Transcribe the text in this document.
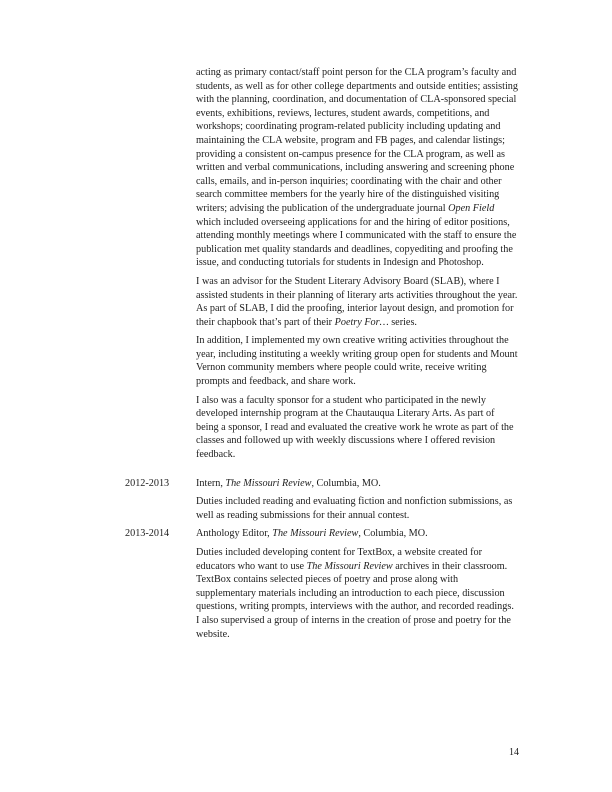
acting as primary contact/staff point person for the CLA program’s faculty and students, as well as for other college departments and outside entities; assisting with the planning, coordination, and documentation of CLA-sponsored special events, exhibitions, reviews, lectures, student awards, competitions, and workshops; coordinating program-related publicity including updating and maintaining the CLA website, program and FB pages, and calendar listings; providing a consistent on-campus presence for the CLA program, as well as written and verbal communications, including answering and screening phone calls, emails, and in-person inquiries; coordinating with the chair and other search committee members for the yearly hire of the distinguished visiting writers; advising the publication of the undergraduate journal Open Field which included overseeing applications for and the hiring of editor positions, attending monthly meetings where I communicated with the staff to ensure the publication met quality standards and deadlines, copyediting and proofing the issue, and conducting tutorials for students in Indesign and Photoshop.

I was an advisor for the Student Literary Advisory Board (SLAB), where I assisted students in their planning of literary arts activities throughout the year. As part of SLAB, I did the proofing, interior layout design, and promotion for their chapbook that’s part of their Poetry For… series.

In addition, I implemented my own creative writing activities throughout the year, including instituting a weekly writing group open for students and Mount Vernon community members where people could write, receive writing prompts and feedback, and share work.

I also was a faculty sponsor for a student who participated in the newly developed internship program at the Chautauqua Literary Arts. As part of being a sponsor, I read and evaluated the creative work he wrote as part of the classes and followed up with weekly discussions where I offered revision feedback.

2012-2013	Intern, The Missouri Review, Columbia, MO.

Duties included reading and evaluating fiction and nonfiction submissions, as well as reading submissions for their annual contest.

2013-2014	Anthology Editor, The Missouri Review, Columbia, MO.

Duties included developing content for TextBox, a website created for educators who want to use The Missouri Review archives in their classroom. TextBox contains selected pieces of poetry and prose along with supplementary materials including an introduction to each piece, discussion questions, writing prompts, interviews with the author, and recorded readings. I also supervised a group of interns in the creation of prose and poetry for the website.

14
